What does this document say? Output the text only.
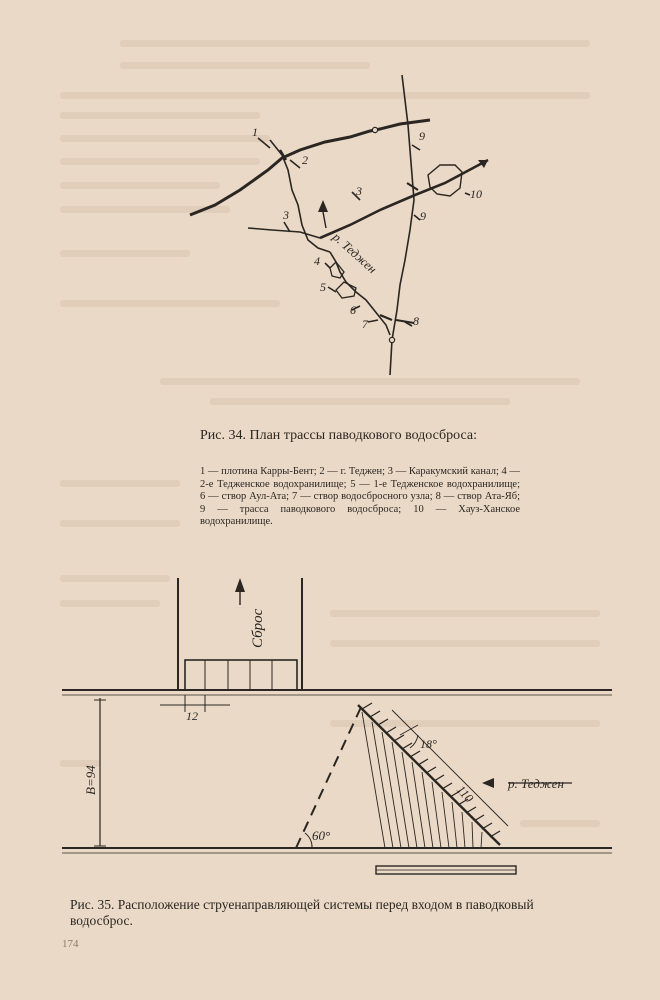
1
2
3
3
4
5
6
7	8
9
9
10
р. Теджен
Рис. 34. План трассы паводкового водосброса:
1 — плотина Карры-Бент; 2 — г. Теджен; 3 — Каракумский канал; 4 — 2-е Тедженское водохранилище; 5 — 1-е Тедженское водохранилище; 6 — створ Аул-Ата; 7 — створ водосбросного узла; 8 — створ Ата-Яб; 9 — трасса паводкового водосброса; 10 — Хауз-Ханское водохранилище.
Сброс
12
B=94	110
18°
60°
р. Теджен
Рис. 35. Расположение струенаправляющей системы перед входом в паводковый водосброс.
174
